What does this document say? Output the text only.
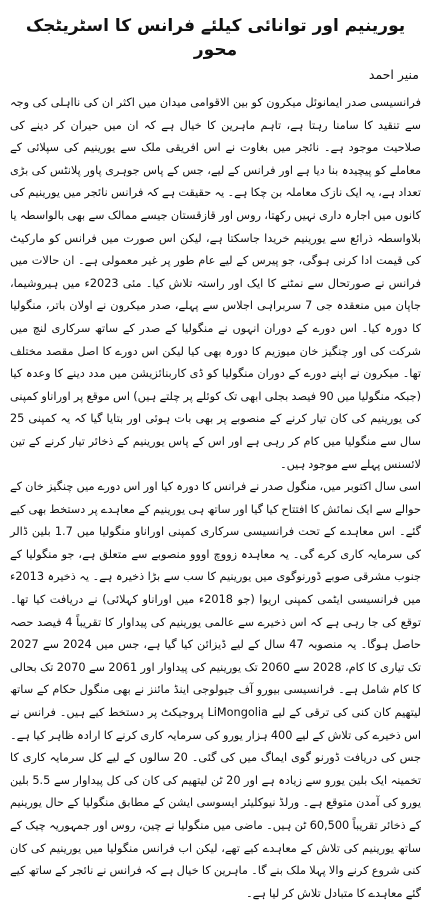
یورینیم اور توانائی کیلئے فرانس کا اسٹریٹجک محور
منیر احمد

فرانسیسی صدر ایمانوئل میکرون کو بین الاقوامی میدان میں اکثر ان کی نااہلی کی وجہ سے تنقید کا سامنا رہتا ہے، تاہم ماہرین کا خیال ہے کہ ان میں حیران کر دینے کی صلاحیت موجود ہے۔ نائجر میں بغاوت نے اس افریقی ملک سے یورینیم کی سپلائی کے معاملے کو پیچیدہ بنا دیا ہے اور فرانس کے لیے، جس کے پاس جوہری پاور پلانٹس کی بڑی تعداد ہے، یہ ایک نازک معاملہ بن چکا ہے۔ یہ حقیقت ہے کہ فرانس نائجر میں یورینیم کی کانوں میں اجارہ داری نہیں رکھتا، روس اور قازقستان جیسے ممالک سے بھی بالواسطہ یا بلاواسطہ ذرائع سے یورینیم خریدا جاسکتا ہے، لیکن اس صورت میں فرانس کو مارکیٹ کی قیمت ادا کرنی ہوگی، جو پیرس کے لیے عام طور پر غیر معمولی ہے۔ ان حالات میں فرانس نے صورتحال سے نمٹنے کا ایک اور راستہ تلاش کیا۔ مئی 2023ء میں ہیروشیما، جاپان میں منعقدہ جی 7 سربراہی اجلاس سے پہلے، صدر میکرون نے اولان باتر، منگولیا کا دورہ کیا۔ اس دورے کے دوران انہوں نے منگولیا کے صدر کے ساتھ سرکاری لنچ میں شرکت کی اور چنگیز خان میوزیم کا دورہ بھی کیا لیکن اس دورے کا اصل مقصد مختلف تھا۔ میکرون نے اپنے دورے کے دوران منگولیا کو ڈی کاربنائزیشن میں مدد دینے کا وعدہ کیا (جبکہ منگولیا میں 90 فیصد بجلی ابھی تک کوئلے پر چلتے ہیں) اس موقع پر اوراناو کمپنی کی یورینیم کی کان تیار کرنے کے منصوبے پر بھی بات ہوئی اور بتایا گیا کہ یہ کمپنی 25 سال سے منگولیا میں کام کر رہی ہے اور اس کے پاس یورینیم کے ذخائر تیار کرنے کے تین لائسنس پہلے سے موجود ہیں۔

اسی سال اکتوبر میں، منگول صدر نے فرانس کا دورہ کیا اور اس دورے میں چنگیز خان کے حوالے سے ایک نمائش کا افتتاح کیا گیا اور ساتھ ہی یورینیم کے معاہدے پر دستخط بھی کیے گئے۔ اس معاہدے کے تحت فرانسیسی سرکاری کمپنی اوراناو منگولیا میں 1.7 بلین ڈالر کی سرمایہ کاری کرے گی۔ یہ معاہدہ زووچ اووو منصوبے سے متعلق ہے، جو منگولیا کے جنوب مشرقی صوبے ڈورنوگوی میں یورینیم کا سب سے بڑا ذخیرہ ہے۔ یہ ذخیرہ 2013ء میں فرانسیسی ایٹمی کمپنی اریوا (جو 2018ء میں اوراناو کہلائی) نے دریافت کیا تھا۔ توقع کی جا رہی ہے کہ اس ذخیرے سے عالمی یورینیم کی پیداوار کا تقریباً 4 فیصد حصہ حاصل ہوگا۔ یہ منصوبہ 47 سال کے لیے ڈیزائن کیا گیا ہے، جس میں 2024 سے 2027 تک تیاری کا کام، 2028 سے 2060 تک یورینیم کی پیداوار اور 2061 سے 2070 تک بحالی کا کام شامل ہے۔ فرانسیسی بیورو آف جیولوجی اینڈ مائنز نے بھی منگول حکام کے ساتھ لیتھیم کان کنی کی ترقی کے لیے LiMongolia پروجیکٹ پر دستخط کیے ہیں۔ فرانس نے اس ذخیرے کی تلاش کے لیے 400 ہزار یورو کی سرمایہ کاری کرنے کا ارادہ ظاہر کیا ہے۔ جس کی دریافت ڈورنو گوی ایماگ میں کی گئی۔ 20 سالوں کے لیے کل سرمایہ کاری کا تخمینہ ایک بلین یورو سے زیادہ ہے اور 20 ٹن لیتھیم کی کان کی کل پیداوار سے 5.5 بلین یورو کی آمدن متوقع ہے۔ ورلڈ نیوکلیئر ایسوسی ایشن کے مطابق منگولیا کے حال یورینیم کے ذخائر تقریباً 60,500 ٹن ہیں۔ ماضی میں منگولیا نے چین، روس اور جمہوریہ چیک کے ساتھ یورینیم کی تلاش کے معاہدے کیے تھے، لیکن اب فرانس منگولیا میں یورینیم کی کان کنی شروع کرنے والا پہلا ملک بنے گا۔ ماہرین کا خیال ہے کہ فرانس نے نائجر کے ساتھ کیے گئے معاہدے کا متبادل تلاش کر لیا ہے۔
